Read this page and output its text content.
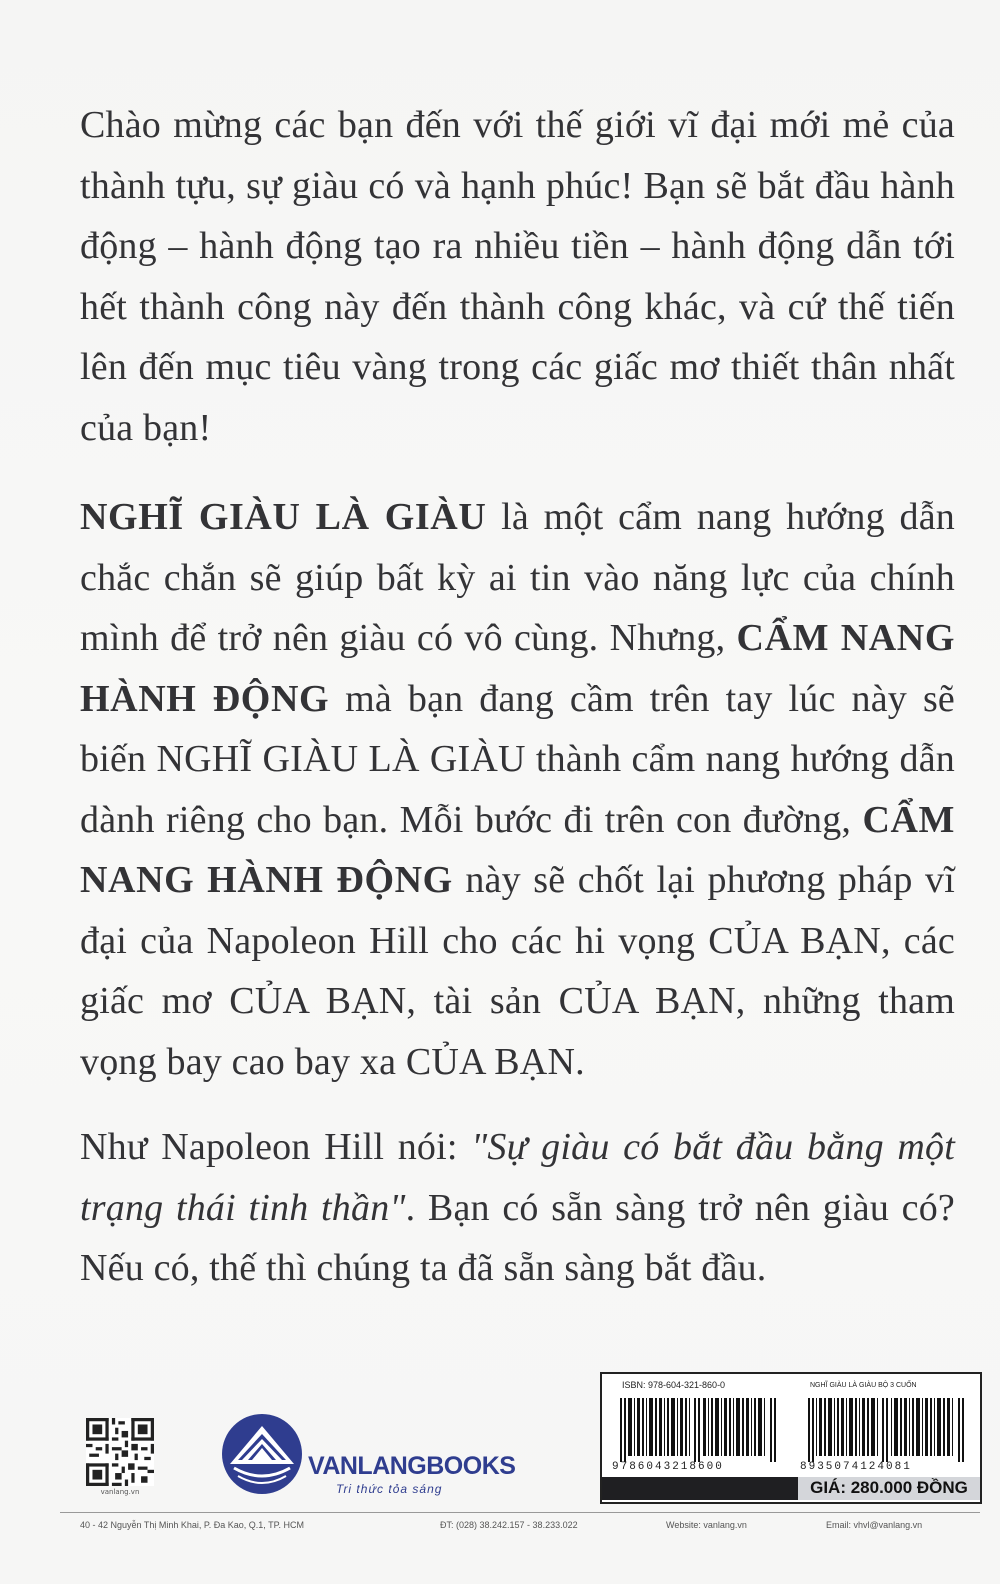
Chào mừng các bạn đến với thế giới vĩ đại mới mẻ của thành tựu, sự giàu có và hạnh phúc! Bạn sẽ bắt đầu hành động – hành động tạo ra nhiều tiền – hành động dẫn tới hết thành công này đến thành công khác, và cứ thế tiến lên đến mục tiêu vàng trong các giấc mơ thiết thân nhất của bạn!
NGHĨ GIÀU LÀ GIÀU là một cẩm nang hướng dẫn chắc chắn sẽ giúp bất kỳ ai tin vào năng lực của chính mình để trở nên giàu có vô cùng. Nhưng, CẨM NANG HÀNH ĐỘNG mà bạn đang cầm trên tay lúc này sẽ biến NGHĨ GIÀU LÀ GIÀU thành cẩm nang hướng dẫn dành riêng cho bạn. Mỗi bước đi trên con đường, CẨM NANG HÀNH ĐỘNG này sẽ chốt lại phương pháp vĩ đại của Napoleon Hill cho các hi vọng CỦA BẠN, các giấc mơ CỦA BẠN, tài sản CỦA BẠN, những tham vọng bay cao bay xa CỦA BẠN.
Như Napoleon Hill nói: "Sự giàu có bắt đầu bằng một trạng thái tinh thần". Bạn có sẵn sàng trở nên giàu có? Nếu có, thế thì chúng ta đã sẵn sàng bắt đầu.
vanlang.vn
VANLANGBOOKS
Tri thức tỏa sáng
ISBN: 978-604-321-860-0	NGHĨ GIÀU LÀ GIÀU BỘ 3 CUỐN
9786043218600	8935074124081
GIÁ: 280.000 ĐỒNG
40 - 42 Nguyễn Thị Minh Khai, P. Đa Kao, Q.1, TP. HCM	ĐT: (028) 38.242.157 - 38.233.022	Website: vanlang.vn	Email: vhvl@vanlang.vn
